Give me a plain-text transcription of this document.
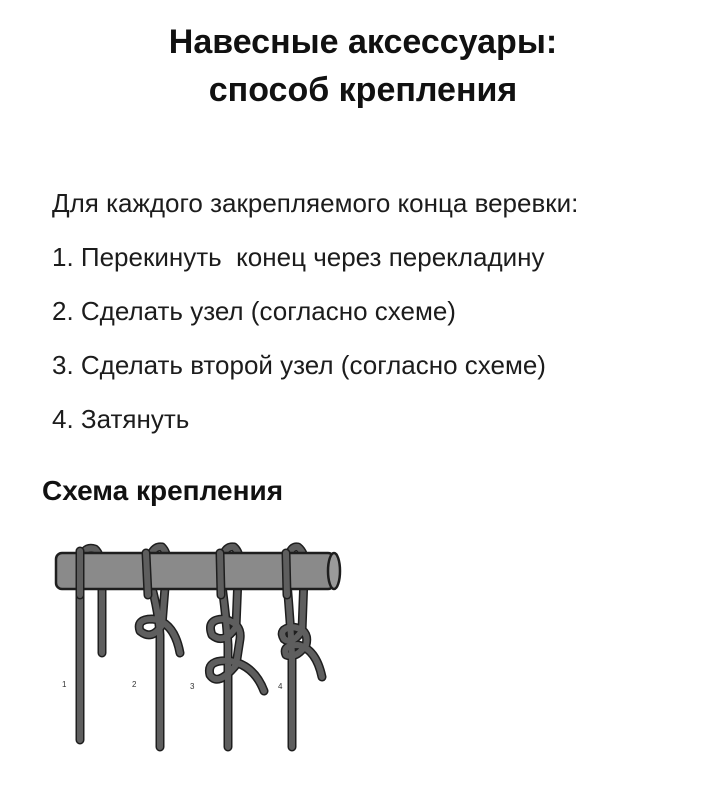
Навесные аксессуары:
способ крепления
Для каждого закрепляемого конца веревки:
1. Перекинуть  конец через перекладину
2. Сделать узел (согласно схеме)
3. Сделать второй узел (согласно схеме)
4. Затянуть
Схема крепления
1	2	3	4
